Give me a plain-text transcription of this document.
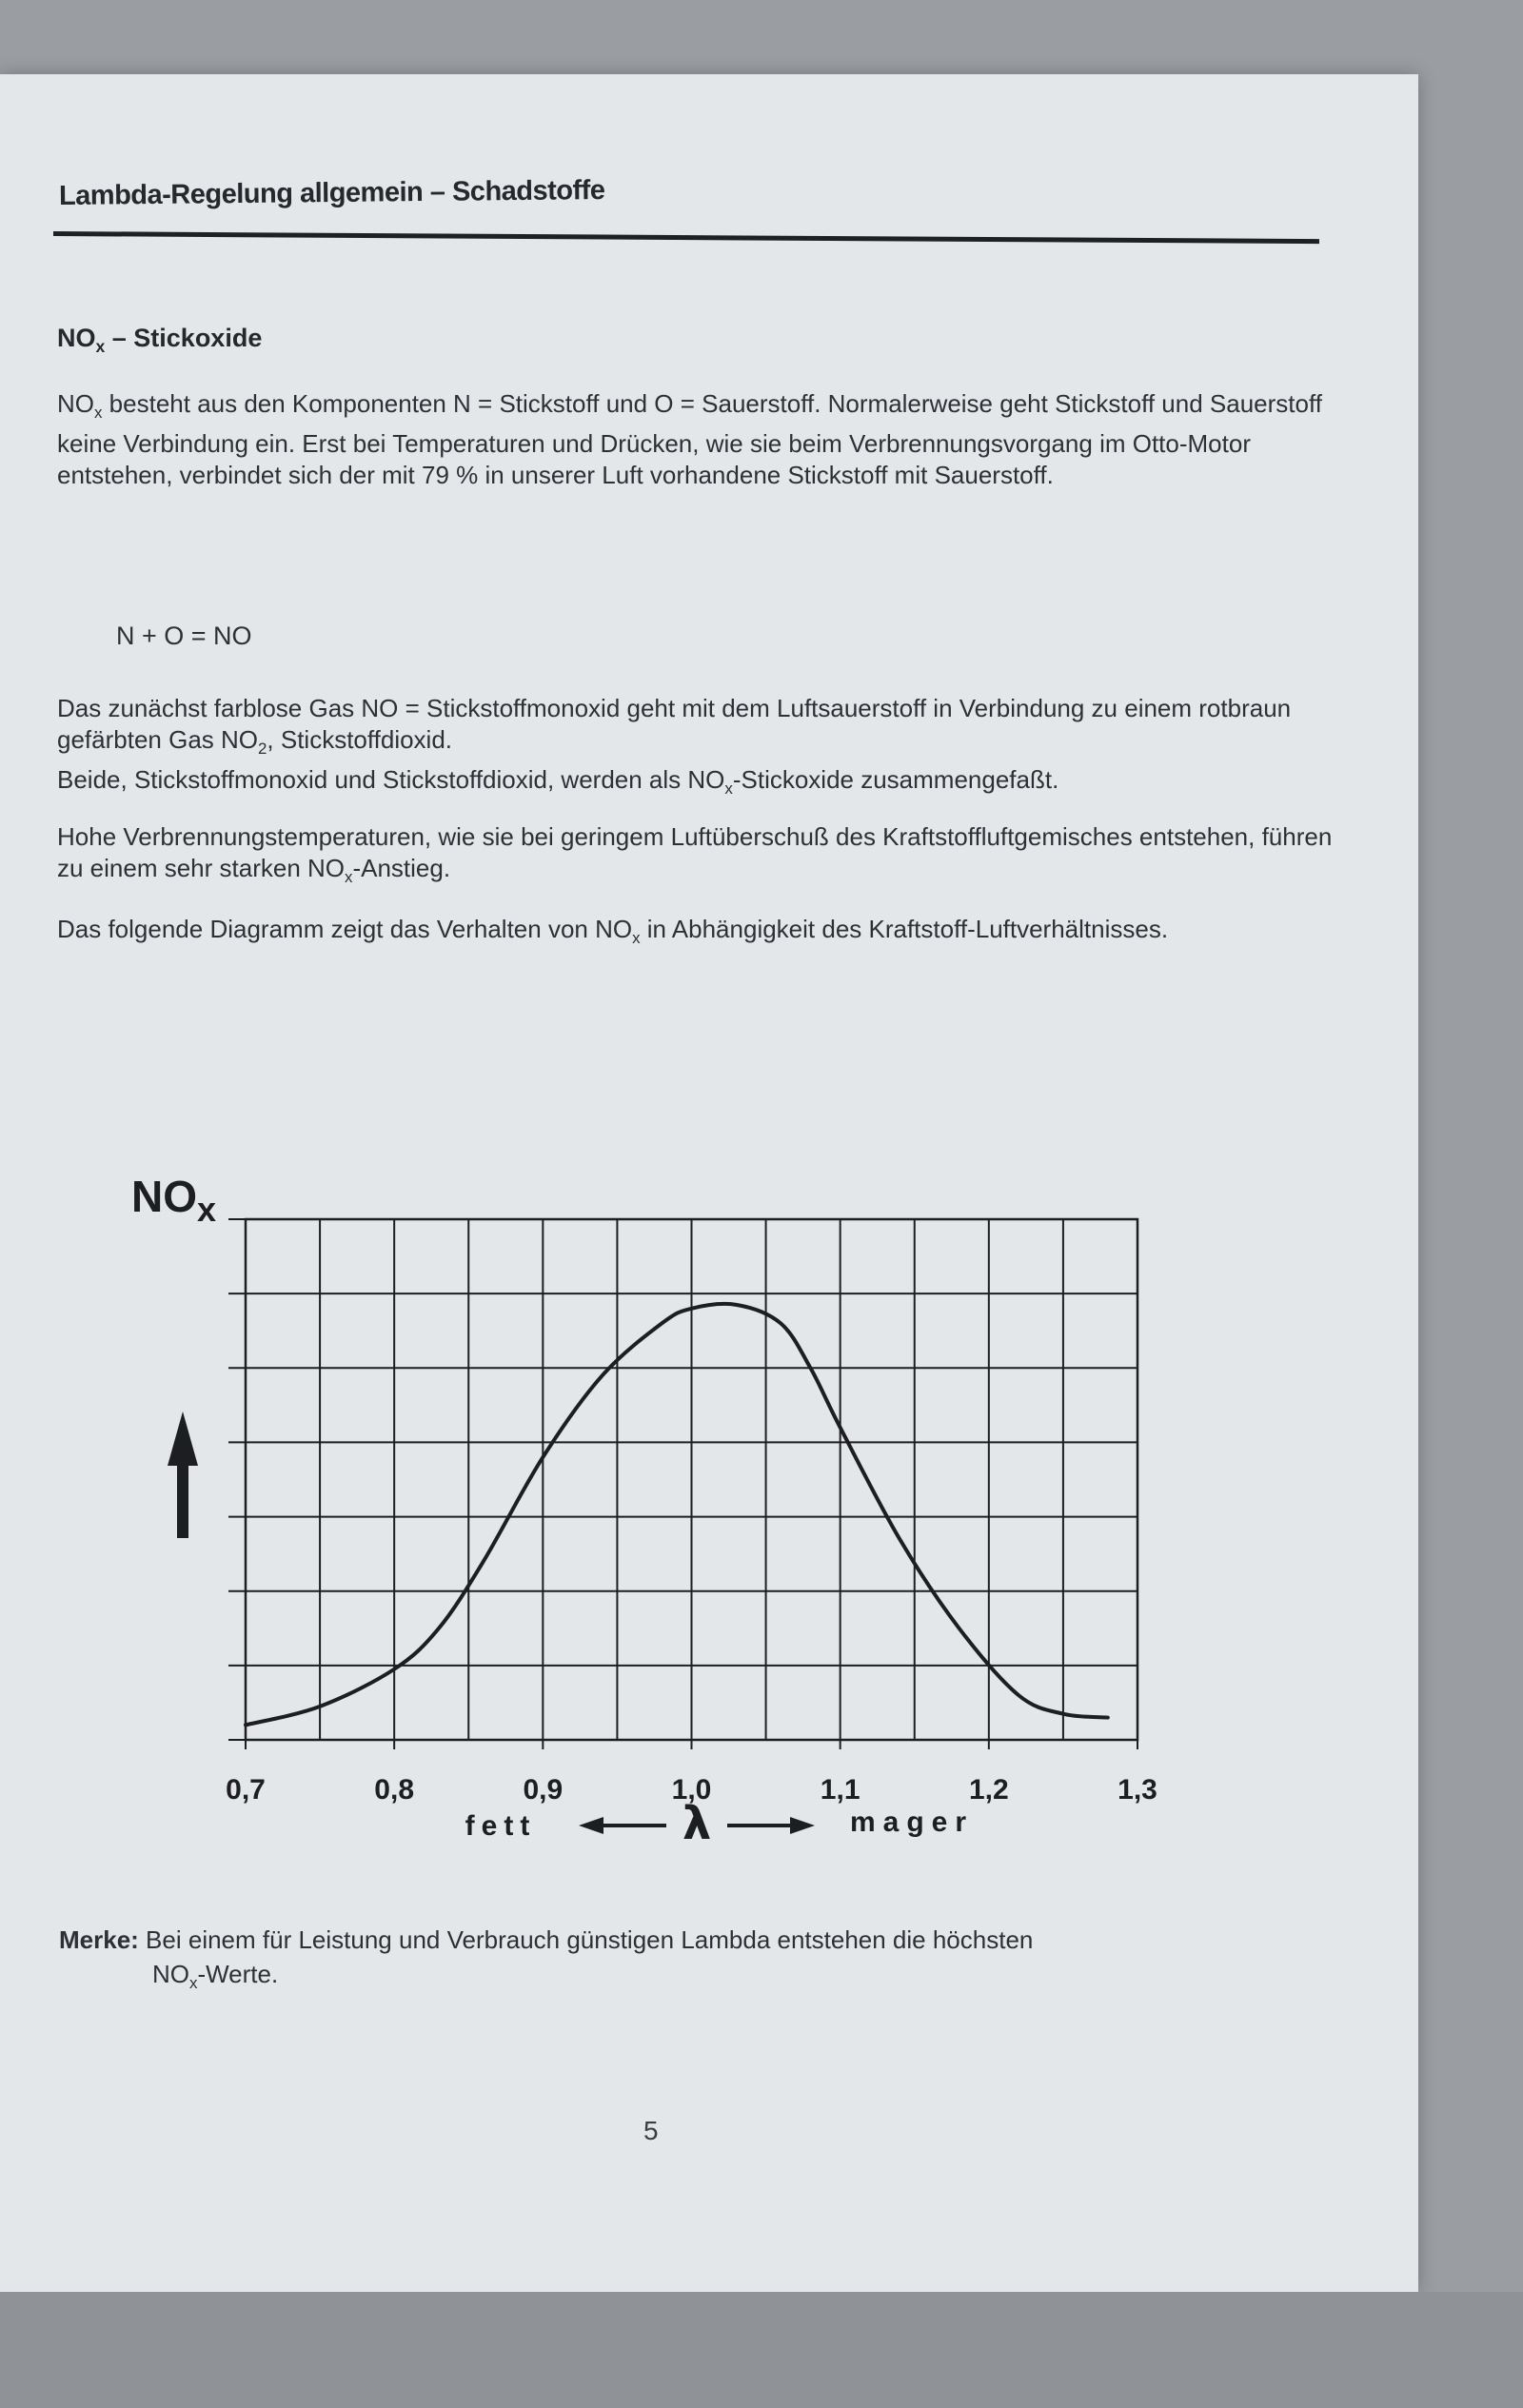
Lambda-Regelung allgemein – Schadstoffe
$NO_x$ – Stickoxide
$NO_x$ besteht aus den Komponenten N = Stickstoff und O = Sauerstoff. Normalerweise geht Stickstoff und Sauerstoff keine Verbindung ein. Erst bei Temperaturen und Drücken, wie sie beim Verbrennungsvorgang im Otto-Motor entstehen, verbindet sich der mit 79 % in unserer Luft vorhandene Stickstoff mit Sauerstoff.
N + O = NO
Das zunächst farblose Gas NO = Stickstoffmonoxid geht mit dem Luftsauerstoff in Verbindung zu einem rotbraun gefärbten Gas $NO_2$, Stickstoffdioxid.
Beide, Stickstoffmonoxid und Stickstoffdioxid, werden als $NO_x$-Stickoxide zusammengefaßt.
Hohe Verbrennungstemperaturen, wie sie bei geringem Luftüberschuß des Kraftstoffluftgemisches entstehen, führen zu einem sehr starken $NO_x$-Anstieg.
Das folgende Diagramm zeigt das Verhalten von $NO_x$ in Abhängigkeit des Kraftstoff-Luftverhältnisses.
0,7	0,8	0,9	1,0	1,1	1,2	1,3
$NO_x$
fett	λ	mager
Merke: Bei einem für Leistung und Verbrauch günstigen Lambda entstehen die höchsten
$NO_x$-Werte.
5
